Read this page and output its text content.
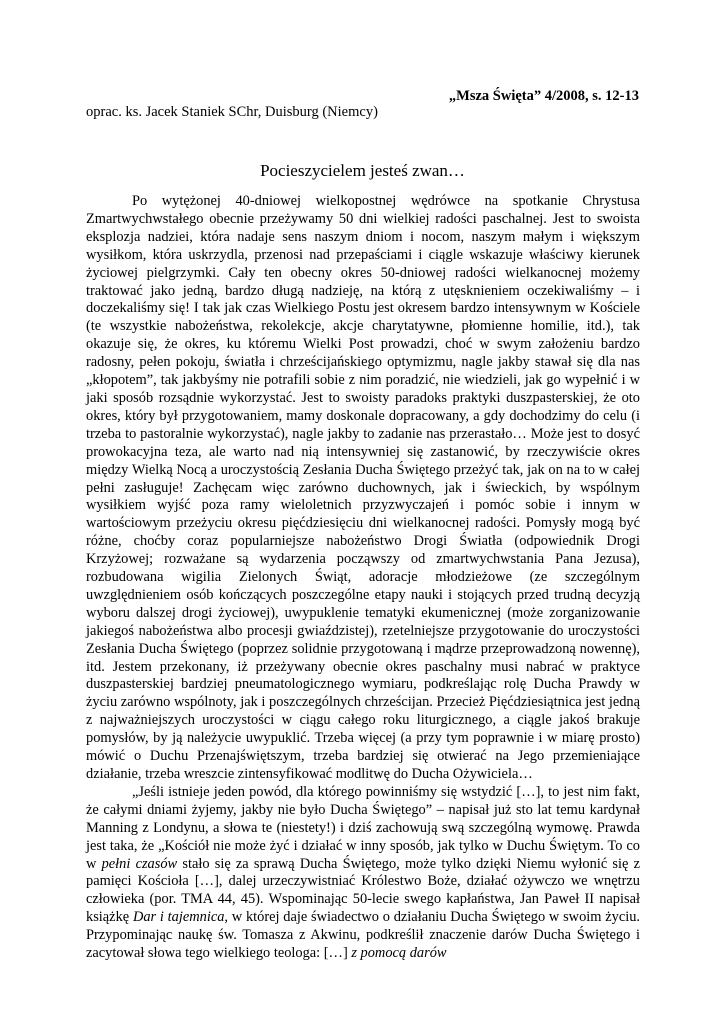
„Msza Święta” 4/2008, s. 12-13

oprac. ks. Jacek Staniek SChr, Duisburg (Niemcy)

Pocieszycielem jesteś zwan…

Po wytężonej 40-dniowej wielkopostnej wędrówce na spotkanie Chrystusa Zmartwychwstałego obecnie przeżywamy 50 dni wielkiej radości paschalnej. Jest to swoista eksplozja nadziei, która nadaje sens naszym dniom i nocom, naszym małym i większym wysiłkom, która uskrzydla, przenosi nad przepaściami i ciągle wskazuje właściwy kierunek życiowej pielgrzymki. Cały ten obecny okres 50-dniowej radości wielkanocnej możemy traktować jako jedną, bardzo długą nadzieję, na którą z utęsknieniem oczekiwaliśmy – i doczekaliśmy się! I tak jak czas Wielkiego Postu jest okresem bardzo intensywnym w Kościele (te wszystkie nabożeństwa, rekolekcje, akcje charytatywne, płomienne homilie, itd.), tak okazuje się, że okres, ku któremu Wielki Post prowadzi, choć w swym założeniu bardzo radosny, pełen pokoju, światła i chrześcijańskiego optymizmu, nagle jakby stawał się dla nas „kłopotem”, tak jakbyśmy nie potrafili sobie z nim poradzić, nie wiedzieli, jak go wypełnić i w jaki sposób rozsądnie wykorzystać. Jest to swoisty paradoks praktyki duszpasterskiej, że oto okres, który był przygotowaniem, mamy doskonale dopracowany, a gdy dochodzimy do celu (i trzeba to pastoralnie wykorzystać), nagle jakby to zadanie nas przerastało… Może jest to dosyć prowokacyjna teza, ale warto nad nią intensywniej się zastanowić, by rzeczywiście okres między Wielką Nocą a uroczystością Zesłania Ducha Świętego przeżyć tak, jak on na to w całej pełni zasługuje! Zachęcam więc zarówno duchownych, jak i świeckich, by wspólnym wysiłkiem wyjść poza ramy wieloletnich przyzwyczajeń i pomóc sobie i innym w wartościowym przeżyciu okresu pięćdziesięciu dni wielkanocnej radości. Pomysły mogą być różne, choćby coraz popularniejsze nabożeństwo Drogi Światła (odpowiednik Drogi Krzyżowej; rozważane są wydarzenia począwszy od zmartwychwstania Pana Jezusa), rozbudowana wigilia Zielonych Świąt, adoracje młodzieżowe (ze szczególnym uwzględnieniem osób kończących poszczególne etapy nauki i stojących przed trudną decyzją wyboru dalszej drogi życiowej), uwypuklenie tematyki ekumenicznej (może zorganizowanie jakiegoś nabożeństwa albo procesji gwiaździstej), rzetelniejsze przygotowanie do uroczystości Zesłania Ducha Świętego (poprzez solidnie przygotowaną i mądrze przeprowadzoną nowennę), itd. Jestem przekonany, iż przeżywany obecnie okres paschalny musi nabrać w praktyce duszpasterskiej bardziej pneumatologicznego wymiaru, podkreślając rolę Ducha Prawdy w życiu zarówno wspólnoty, jak i poszczególnych chrześcijan. Przecież Pięćdziesiątnica jest jedną z najważniejszych uroczystości w ciągu całego roku liturgicznego, a ciągle jakoś brakuje pomysłów, by ją należycie uwypuklić. Trzeba więcej (a przy tym poprawnie i w miarę prosto) mówić o Duchu Przenajświętszym, trzeba bardziej się otwierać na Jego przemieniające działanie, trzeba wreszcie zintensyfikować modlitwę do Ducha Ożywiciela…

„Jeśli istnieje jeden powód, dla którego powinniśmy się wstydzić […], to jest nim fakt, że całymi dniami żyjemy, jakby nie było Ducha Świętego” – napisał już sto lat temu kardynał Manning z Londynu, a słowa te (niestety!) i dziś zachowują swą szczególną wymowę. Prawda jest taka, że „Kościół nie może żyć i działać w inny sposób, jak tylko w Duchu Świętym. To co w pełni czasów stało się za sprawą Ducha Świętego, może tylko dzięki Niemu wyłonić się z pamięci Kościoła […], dalej urzeczywistniać Królestwo Boże, działać ożywczo we wnętrzu człowieka (por. TMA 44, 45). Wspominając 50-lecie swego kapłaństwa, Jan Paweł II napisał książkę Dar i tajemnica, w której daje świadectwo o działaniu Ducha Świętego w swoim życiu. Przypominając naukę św. Tomasza z Akwinu, podkreślił znaczenie darów Ducha Świętego i zacytował słowa tego wielkiego teologa: […] z pomocą darów
